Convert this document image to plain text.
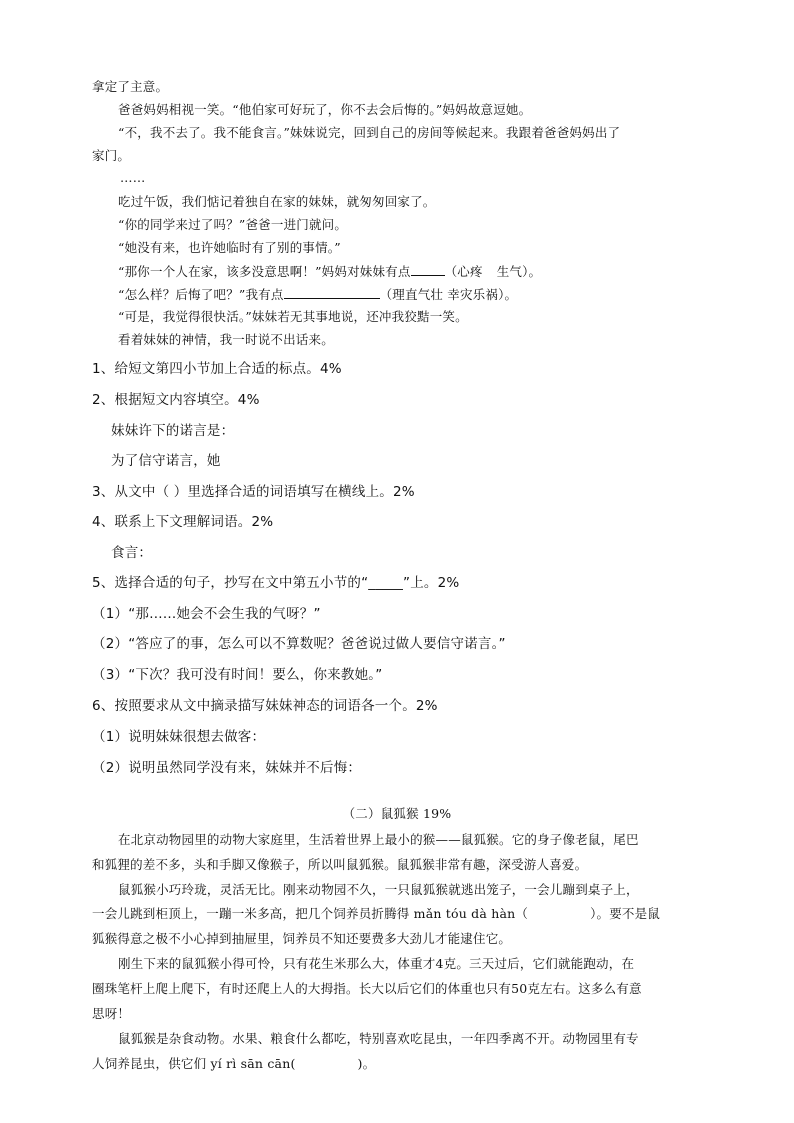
拿定了主意。
爸爸妈妈相视一笑。“他伯家可好玩了，你不去会后悔的。”妈妈故意逗她。
“不，我不去了。我不能食言。”妹妹说完，回到自己的房间等候起来。我跟着爸爸妈妈出了
家门。
……
吃过午饭，我们惦记着独自在家的妹妹，就匆匆回家了。
“你的同学来过了吗？”爸爸一进门就问。
“她没有来，也许她临时有了别的事情。”
“那你一个人在家，该多没意思啊！”妈妈对妹妹有点	（心疼 生气）。
“怎么样？后悔了吧？”我有点	（理直气壮 幸灾乐祸）。
“可是，我觉得很快活。”妹妹若无其事地说，还冲我狡黠一笑。
看着妹妹的神情，我一时说不出话来。
1、给短文第四小节加上合适的标点。4%
2、根据短文内容填空。4%
妹妹许下的诺言是：
为了信守诺言，她
3、从文中（ ）里选择合适的词语填写在横线上。2%
4、联系上下文理解词语。2%
食言：
5、选择合适的句子，抄写在文中第五小节的“_____”上。2%
（1）“那……她会不会生我的气呀？”
（2）“答应了的事，怎么可以不算数呢？爸爸说过做人要信守诺言。”
（3）“下次？我可没有时间！要么，你来教她。”
6、按照要求从文中摘录描写妹妹神态的词语各一个。2%
（1）说明妹妹很想去做客：
（2）说明虽然同学没有来，妹妹并不后悔：
（二）鼠狐猴 19%
在北京动物园里的动物大家庭里，生活着世界上最小的猴——鼠狐猴。它的身子像老鼠，尾巴
和狐狸的差不多，头和手脚又像猴子，所以叫鼠狐猴。鼠狐猴非常有趣，深受游人喜爱。
鼠狐猴小巧玲珑，灵活无比。刚来动物园不久，一只鼠狐猴就逃出笼子，一会儿蹦到桌子上，
一会儿跳到柜顶上，一蹦一米多高，把几个饲养员折腾得 mǎn tóu dà hàn（	）。要不是鼠
狐猴得意之极不小心掉到抽屉里，饲养员不知还要费多大劲儿才能逮住它。
刚生下来的鼠狐猴小得可怜，只有花生米那么大，体重才4克。三天过后，它们就能跑动，在
圈珠笔杆上爬上爬下，有时还爬上人的大拇指。长大以后它们的体重也只有50克左右。这多么有意
思呀！
鼠狐猴是杂食动物。水果、粮食什么都吃，特别喜欢吃昆虫，一年四季离不开。动物园里有专
人饲养昆虫，供它们 yí rì sān cān(	)。
